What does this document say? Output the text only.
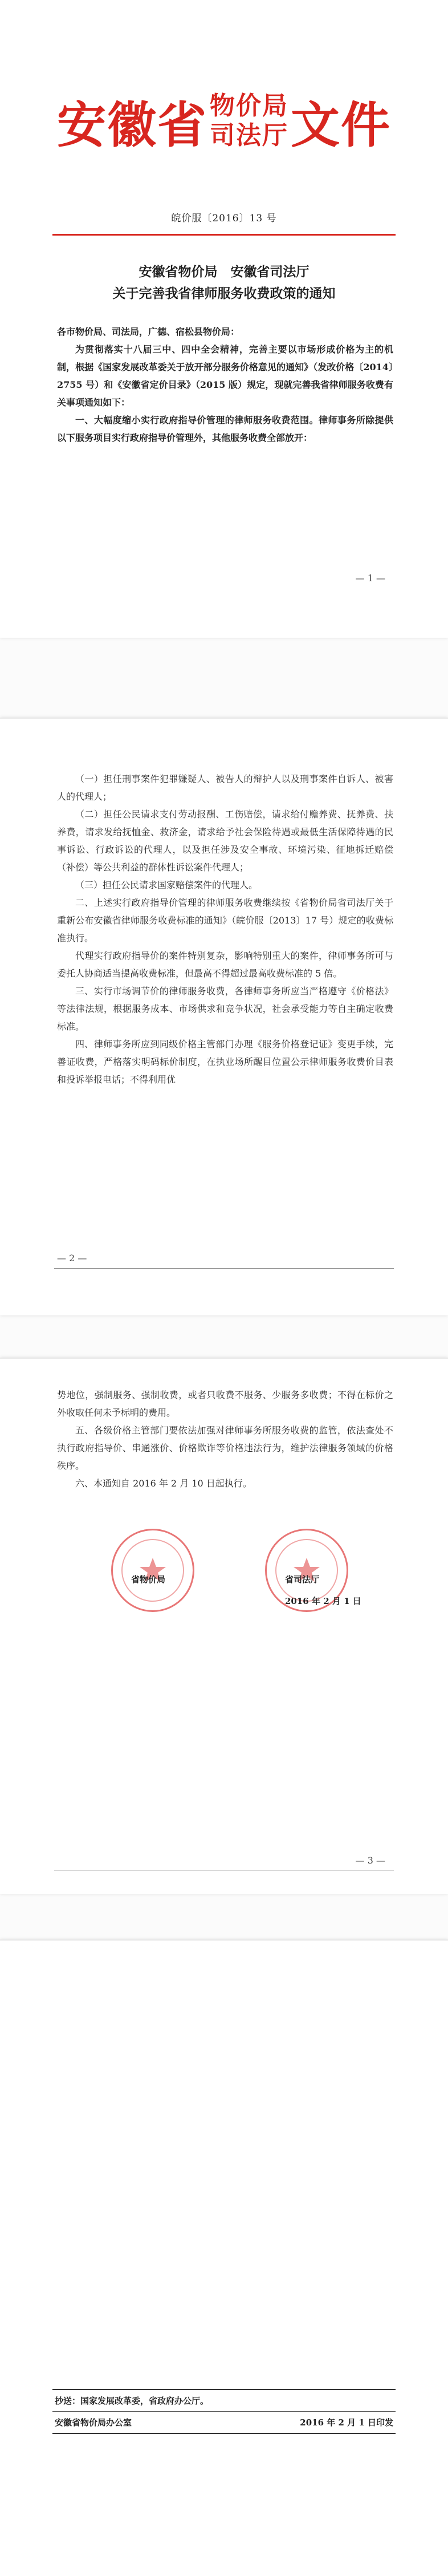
安徽省物价局
司法厅文件
皖价服〔2016〕13 号
安徽省物价局　安徽省司法厅
关于完善我省律师服务收费政策的通知

各市物价局、司法局，广德、宿松县物价局：

为贯彻落实十八届三中、四中全会精神，完善主要以市场形成价格为主的机制，根据《国家发展改革委关于放开部分服务价格意见的通知》（发改价格〔2014〕2755 号）和《安徽省定价目录》（2015 版）规定，现就完善我省律师服务收费有关事项通知如下：

一、大幅度缩小实行政府指导价管理的律师服务收费范围。律师事务所除提供以下服务项目实行政府指导价管理外，其他服务收费全部放开：

— 1 —

（一）担任刑事案件犯罪嫌疑人、被告人的辩护人以及刑事案件自诉人、被害人的代理人；

（二）担任公民请求支付劳动报酬、工伤赔偿，请求给付赡养费、抚养费、扶养费，请求发给抚恤金、救济金，请求给予社会保险待遇或最低生活保障待遇的民事诉讼、行政诉讼的代理人，以及担任涉及安全事故、环境污染、征地拆迁赔偿（补偿）等公共利益的群体性诉讼案件代理人；

（三）担任公民请求国家赔偿案件的代理人。

二、上述实行政府指导价管理的律师服务收费继续按《省物价局省司法厅关于重新公布安徽省律师服务收费标准的通知》（皖价服〔2013〕17 号）规定的收费标准执行。

代理实行政府指导价的案件特别复杂，影响特别重大的案件，律师事务所可与委托人协商适当提高收费标准，但最高不得超过最高收费标准的 5 倍。

三、实行市场调节价的律师服务收费，各律师事务所应当严格遵守《价格法》等法律法规，根据服务成本、市场供求和竞争状况，社会承受能力等自主确定收费标准。

四、律师事务所应到同级价格主管部门办理《服务价格登记证》变更手续，完善证收费，严格落实明码标价制度，在执业场所醒目位置公示律师服务收费价目表和投诉举报电话；不得利用优

— 2 —

势地位，强制服务、强制收费，或者只收费不服务、少服务多收费；不得在标价之外收取任何未予标明的费用。

五、各级价格主管部门要依法加强对律师事务所服务收费的监管，依法查处不执行政府指导价、串通涨价、价格欺诈等价格违法行为，维护法律服务领域的价格秩序。

六、本通知自 2016 年 2 月 10 日起执行。

省物价局	省司法厅
2016 年 2 月 1 日
— 3 —
抄送：国家发展改革委，省政府办公厅。
安徽省物价局办公室	2016 年 2 月 1 日印发
